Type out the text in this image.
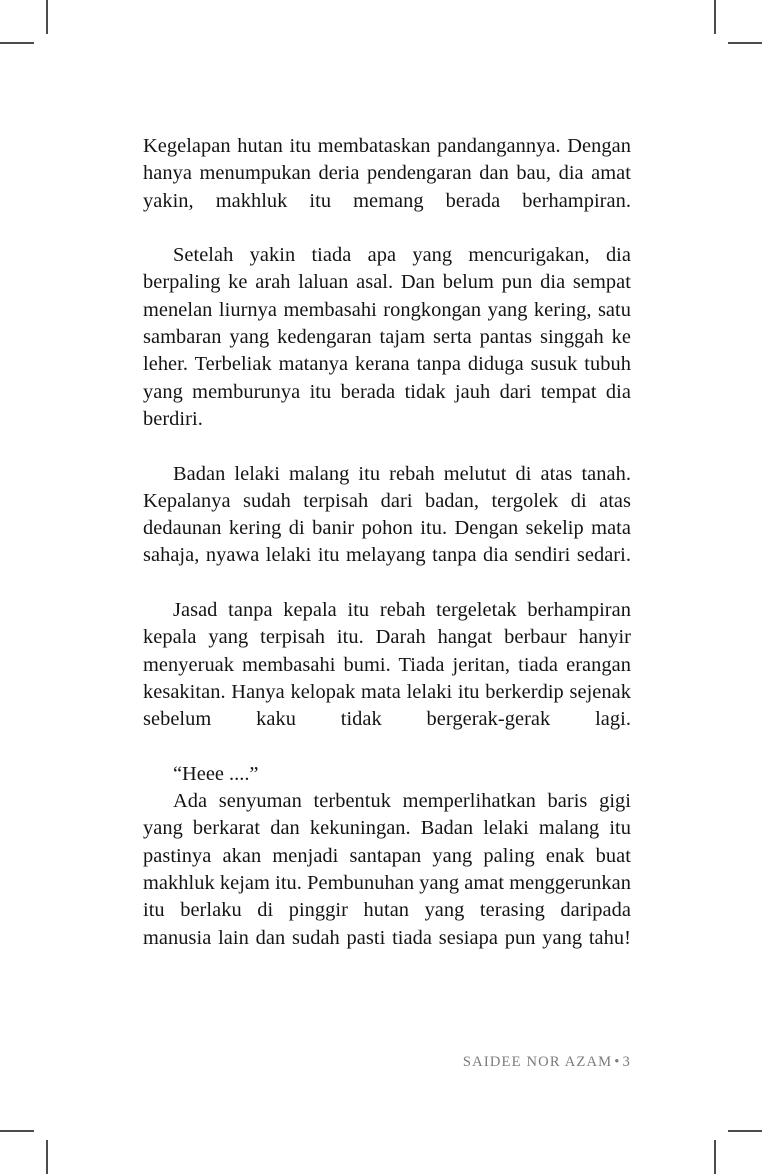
Kegelapan hutan itu membataskan pandangannya. Dengan hanya menumpukan deria pendengaran dan bau, dia amat yakin, makhluk itu memang berada berhampiran.

Setelah yakin tiada apa yang mencurigakan, dia berpaling ke arah laluan asal. Dan belum pun dia sempat menelan liurnya membasahi rongkongan yang kering, satu sambaran yang kedengaran tajam serta pantas singgah ke leher. Terbeliak matanya kerana tanpa diduga susuk tubuh yang memburunya itu berada tidak jauh dari tempat dia berdiri.

Badan lelaki malang itu rebah melutut di atas tanah. Kepalanya sudah terpisah dari badan, tergolek di atas dedaunan kering di banir pohon itu. Dengan sekelip mata sahaja, nyawa lelaki itu melayang tanpa dia sendiri sedari.

Jasad tanpa kepala itu rebah tergeletak berhampiran kepala yang terpisah itu. Darah hangat berbaur hanyir menyeruak membasahi bumi. Tiada jeritan, tiada erangan kesakitan. Hanya kelopak mata lelaki itu berkerdip sejenak sebelum kaku tidak bergerak-gerak lagi.

“Heee ....”

Ada senyuman terbentuk memperlihatkan baris gigi yang berkarat dan kekuningan. Badan lelaki malang itu pastinya akan menjadi santapan yang paling enak buat makhluk kejam itu. Pembunuhan yang amat menggerunkan itu berlaku di pinggir hutan yang terasing daripada manusia lain dan sudah pasti tiada sesiapa pun yang tahu!

SAIDEE NOR AZAM • 3
